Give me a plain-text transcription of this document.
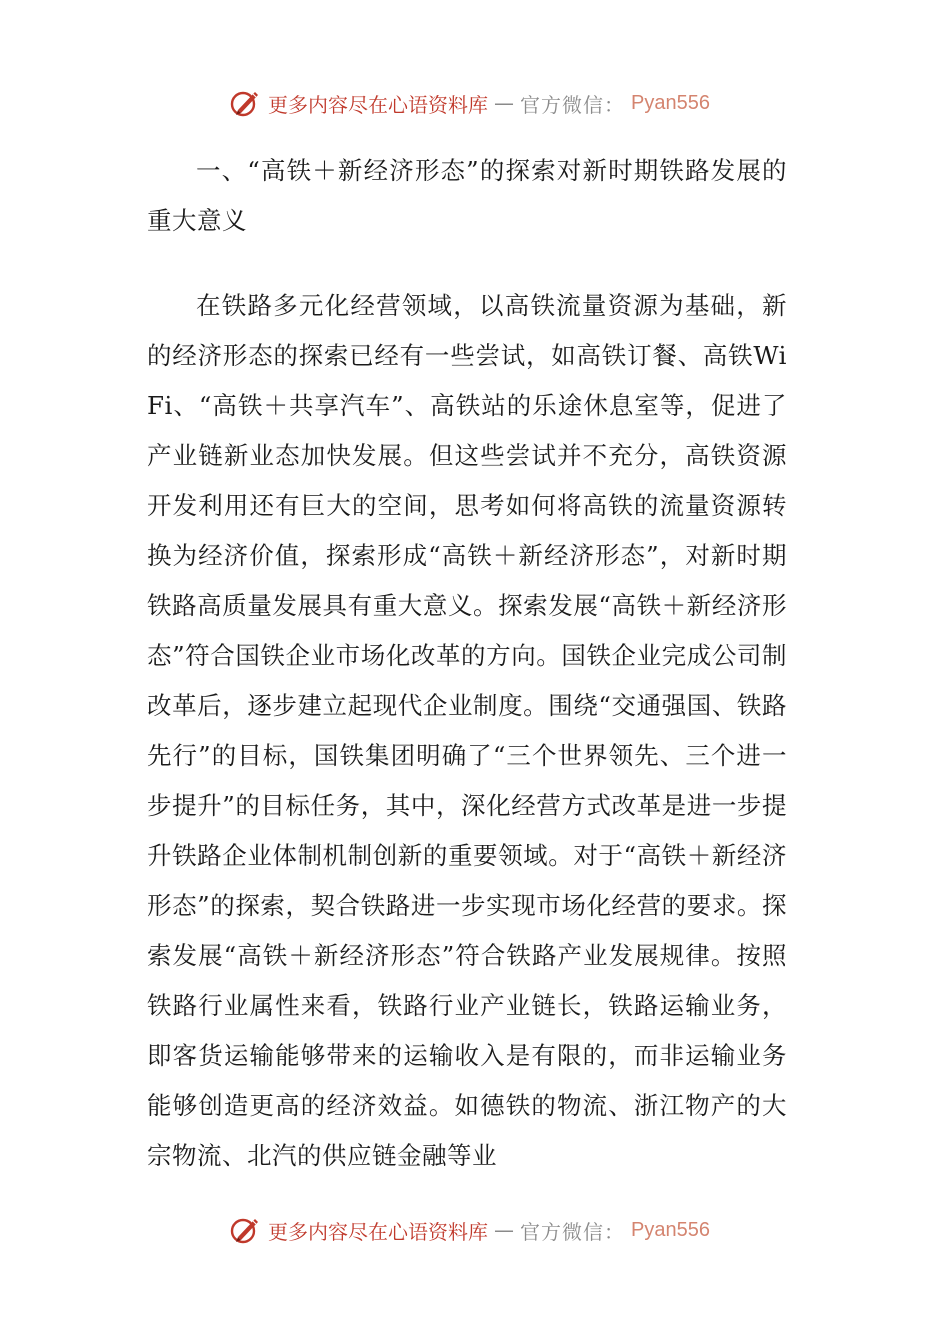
更多内容尽在心语资料库 — 官方微信： Pyan556

一、“高铁＋新经济形态”的探索对新时期铁路发展的重大意义

在铁路多元化经营领域，以高铁流量资源为基础，新的经济形态的探索已经有一些尝试，如高铁订餐、高铁WiFi、“高铁＋共享汽车”、高铁站的乐途休息室等，促进了产业链新业态加快发展。但这些尝试并不充分，高铁资源开发利用还有巨大的空间，思考如何将高铁的流量资源转换为经济价值，探索形成“高铁＋新经济形态”，对新时期铁路高质量发展具有重大意义。探索发展“高铁＋新经济形态”符合国铁企业市场化改革的方向。国铁企业完成公司制改革后，逐步建立起现代企业制度。围绕“交通强国、铁路先行”的目标，国铁集团明确了“三个世界领先、三个进一步提升”的目标任务，其中，深化经营方式改革是进一步提升铁路企业体制机制创新的重要领域。对于“高铁＋新经济形态”的探索，契合铁路进一步实现市场化经营的要求。探索发展“高铁＋新经济形态”符合铁路产业发展规律。按照铁路行业属性来看，铁路行业产业链长，铁路运输业务，即客货运输能够带来的运输收入是有限的，而非运输业务能够创造更高的经济效益。如德铁的物流、浙江物产的大宗物流、北汽的供应链金融等业

更多内容尽在心语资料库 — 官方微信： Pyan556
